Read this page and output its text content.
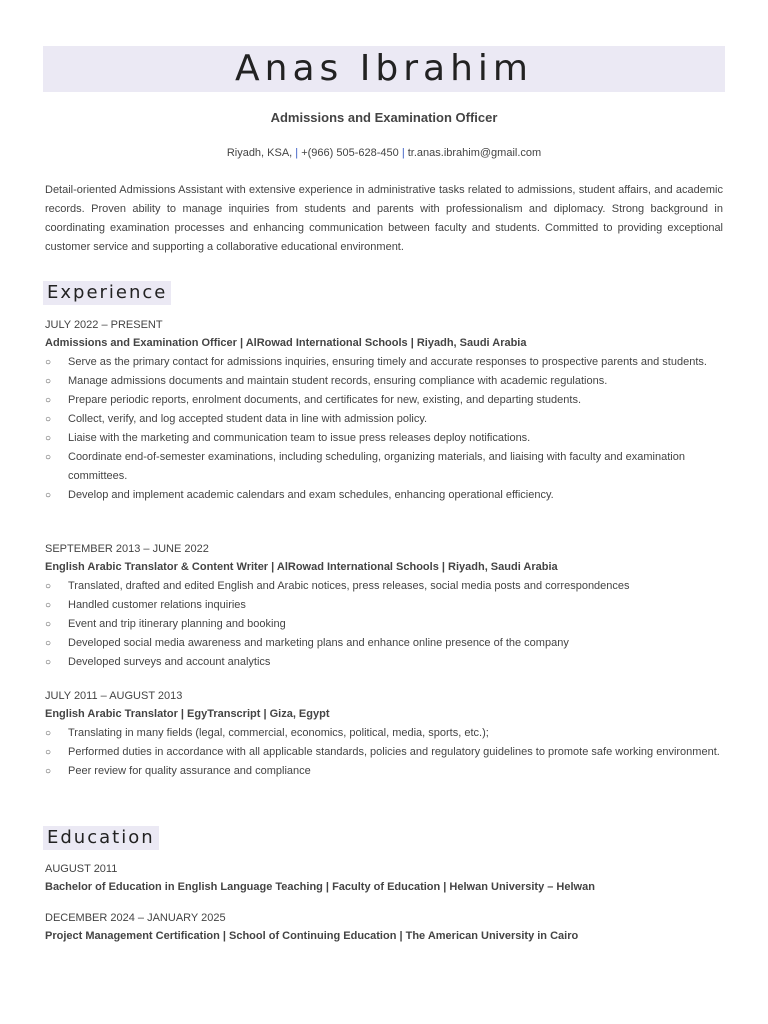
Anas Ibrahim
Admissions and Examination Officer
Riyadh, KSA, | +(966) 505-628-450 | tr.anas.ibrahim@gmail.com

Detail-oriented Admissions Assistant with extensive experience in administrative tasks related to admissions, student affairs, and academic records. Proven ability to manage inquiries from students and parents with professionalism and diplomacy. Strong background in coordinating examination processes and enhancing communication between faculty and students. Committed to providing exceptional customer service and supporting a collaborative educational environment.

Experience
JULY 2022 – PRESENT
Admissions and Examination Officer | AlRowad International Schools | Riyadh, Saudi Arabia
○ Serve as the primary contact for admissions inquiries, ensuring timely and accurate responses to prospective parents and students.
○ Manage admissions documents and maintain student records, ensuring compliance with academic regulations.
○ Prepare periodic reports, enrolment documents, and certificates for new, existing, and departing students.
○ Collect, verify, and log accepted student data in line with admission policy.
○ Liaise with the marketing and communication team to issue press releases deploy notifications.
○ Coordinate end-of-semester examinations, including scheduling, organizing materials, and liaising with faculty and examination committees.
○ Develop and implement academic calendars and exam schedules, enhancing operational efficiency.
SEPTEMBER 2013 – JUNE 2022
English Arabic Translator & Content Writer | AlRowad International Schools | Riyadh, Saudi Arabia
○ Translated, drafted and edited English and Arabic notices, press releases, social media posts and correspondences
○ Handled customer relations inquiries
○ Event and trip itinerary planning and booking
○ Developed social media awareness and marketing plans and enhance online presence of the company
○ Developed surveys and account analytics
JULY 2011 – AUGUST 2013
English Arabic Translator | EgyTranscript | Giza, Egypt
○ Translating in many fields (legal, commercial, economics, political, media, sports, etc.);
○ Performed duties in accordance with all applicable standards, policies and regulatory guidelines to promote safe working environment.
○ Peer review for quality assurance and compliance
Education
AUGUST 2011
Bachelor of Education in English Language Teaching | Faculty of Education | Helwan University – Helwan
DECEMBER 2024 – JANUARY 2025
Project Management Certification | School of Continuing Education | The American University in Cairo
